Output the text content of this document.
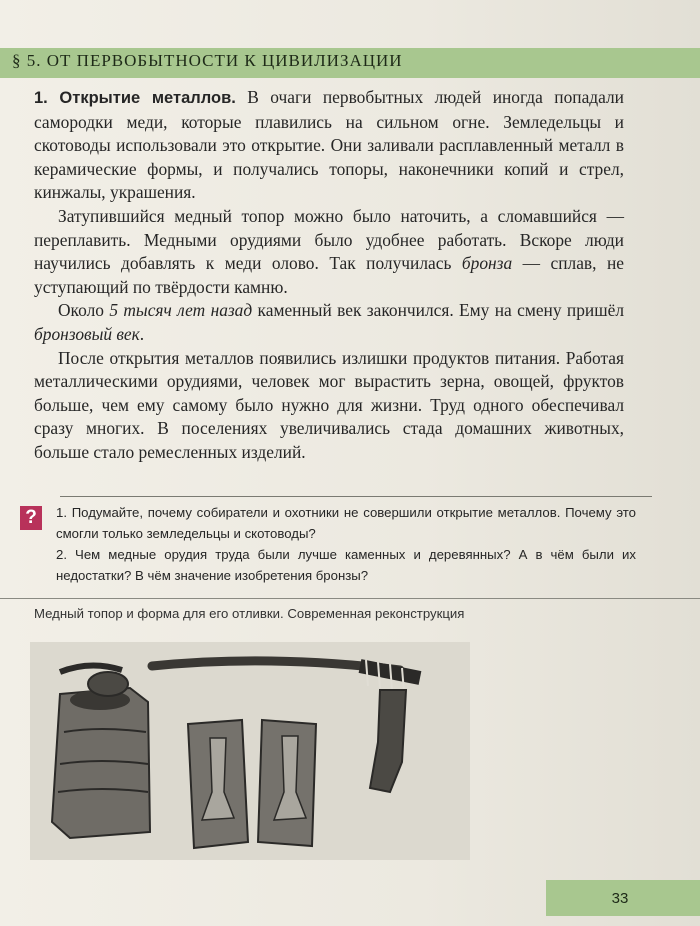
§ 5. ОТ ПЕРВОБЫТНОСТИ К ЦИВИЛИЗАЦИИ

1. Открытие металлов. В очаги первобытных людей иногда попадали самородки меди, которые плавились на сильном огне. Земледельцы и скотоводы использовали это открытие. Они заливали расплавленный металл в керамические формы, и получались топоры, наконечники копий и стрел, кинжалы, украшения.

Затупившийся медный топор можно было наточить, а сломавшийся — переплавить. Медными орудиями было удобнее работать. Вскоре люди научились добавлять к меди олово. Так получилась бронза — сплав, не уступающий по твёрдости камню.

Около 5 тысяч лет назад каменный век закончился. Ему на смену пришёл бронзовый век.

После открытия металлов появились излишки продуктов питания. Работая металлическими орудиями, человек мог вырастить зерна, овощей, фруктов больше, чем ему самому было нужно для жизни. Труд одного обеспечивал сразу многих. В поселениях увеличивались стада домашних животных, больше стало ремесленных изделий.

?	1. Подумайте, почему собиратели и охотники не совершили открытие металлов. Почему это смогли только земледельцы и скотоводы?

2. Чем медные орудия труда были лучше каменных и деревянных? А в чём были их недостатки? В чём значение изобретения бронзы?

Медный топор и форма для его отливки. Современная реконструкция
33
